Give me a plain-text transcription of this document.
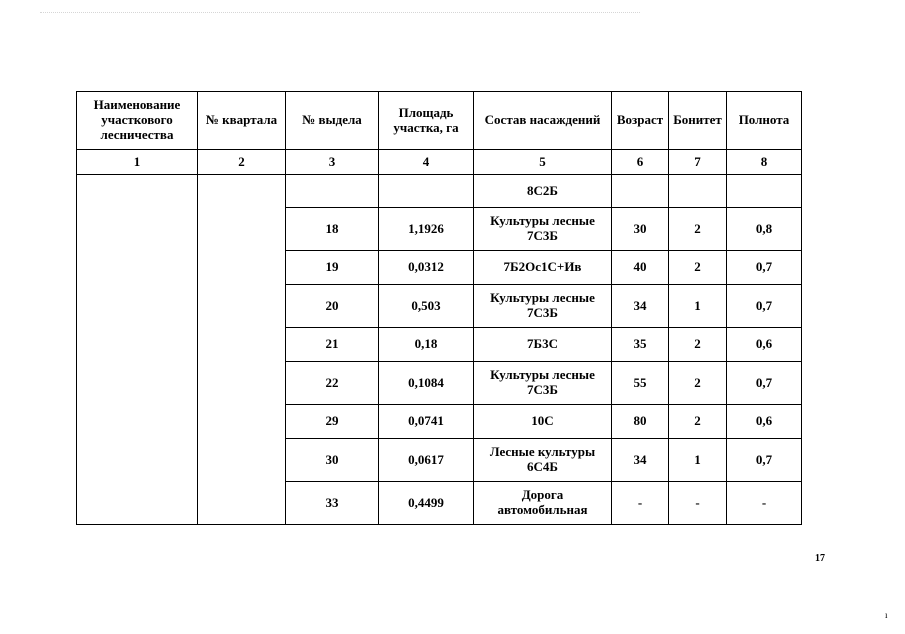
Наименование участкового лесничества	№ квартала	№ выдела	Площадь участка, га	Состав насаждений	Возраст	Бонитет	Полнота
1	2	3	4	5	6	7	8
				8С2Б			
		18	1,1926	Культуры лесные 7С3Б	30	2	0,8
		19	0,0312	7Б2Ос1С+Ив	40	2	0,7
		20	0,503	Культуры лесные 7С3Б	34	1	0,7
		21	0,18	7Б3С	35	2	0,6
		22	0,1084	Культуры лесные 7С3Б	55	2	0,7
		29	0,0741	10С	80	2	0,6
		30	0,0617	Лесные культуры 6С4Б	34	1	0,7
		33	0,4499	Дорога автомобильная	-	-	-
17
ı
